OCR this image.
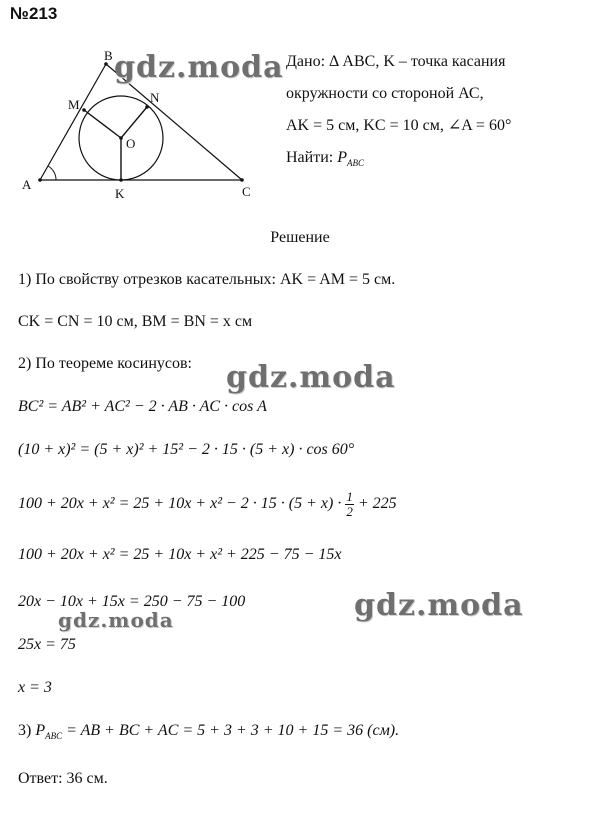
№213
A
B
C
M	N
O
K
Дано: Δ ABC, K – точка касания
окружности со стороной АС,
AK = 5 см, KC = 10 см, ∠A = 60°
Найти: $P_{ABC}$
Решение
1) По свойству отрезков касательных: AK = AM = 5 см.
CK = CN = 10 см, BM = BN = x см
2) По теореме косинусов:
BC² = AB² + AC² − 2 · AB · AC · cos A
(10 + x)² = (5 + x)² + 15² − 2 · 15 · (5 + x) · cos 60°
$100 + 20x + x^2 = 25 + 10x + x^2 - 2 \cdot 15 \cdot (5 + x) \cdot \frac{1}{2} + 225$
100 + 20x + x² = 25 + 10x + x² + 225 − 75 − 15x
20x − 10x + 15x = 250 − 75 − 100
25x = 75
x = 3
3) $P_{ABC}$ = AB + BC + AC = 5 + 3 + 3 + 10 + 15 = 36 (см).
Ответ: 36 см.
gdz.moda
gdz.moda
gdz.moda
gdz.moda
